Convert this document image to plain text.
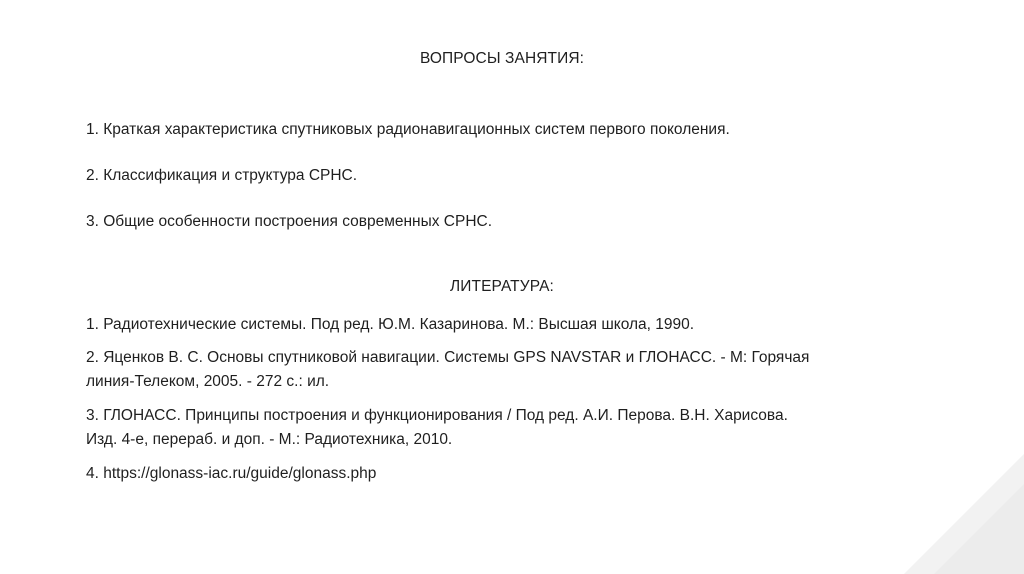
ВОПРОСЫ ЗАНЯТИЯ:
1. Краткая характеристика спутниковых радионавигационных систем первого поколения.
2. Классификация и структура СРНС.
3. Общие особенности построения современных СРНС.
ЛИТЕРАТУРА:
1. Радиотехнические системы. Под ред. Ю.М. Казаринова. М.: Высшая школа, 1990.
2. Яценков В. С. Основы спутниковой навигации. Системы GPS NAVSTAR и ГЛОНАСС. - М: Горячая
линия-Телеком, 2005. - 272 с.: ил.
3. ГЛОНАСС. Принципы построения и функционирования / Под ред. А.И. Перова. В.Н. Харисова.
Изд. 4-е, перераб. и доп. - М.: Радиотехника, 2010.
4. https://glonass-iac.ru/guide/glonass.php
